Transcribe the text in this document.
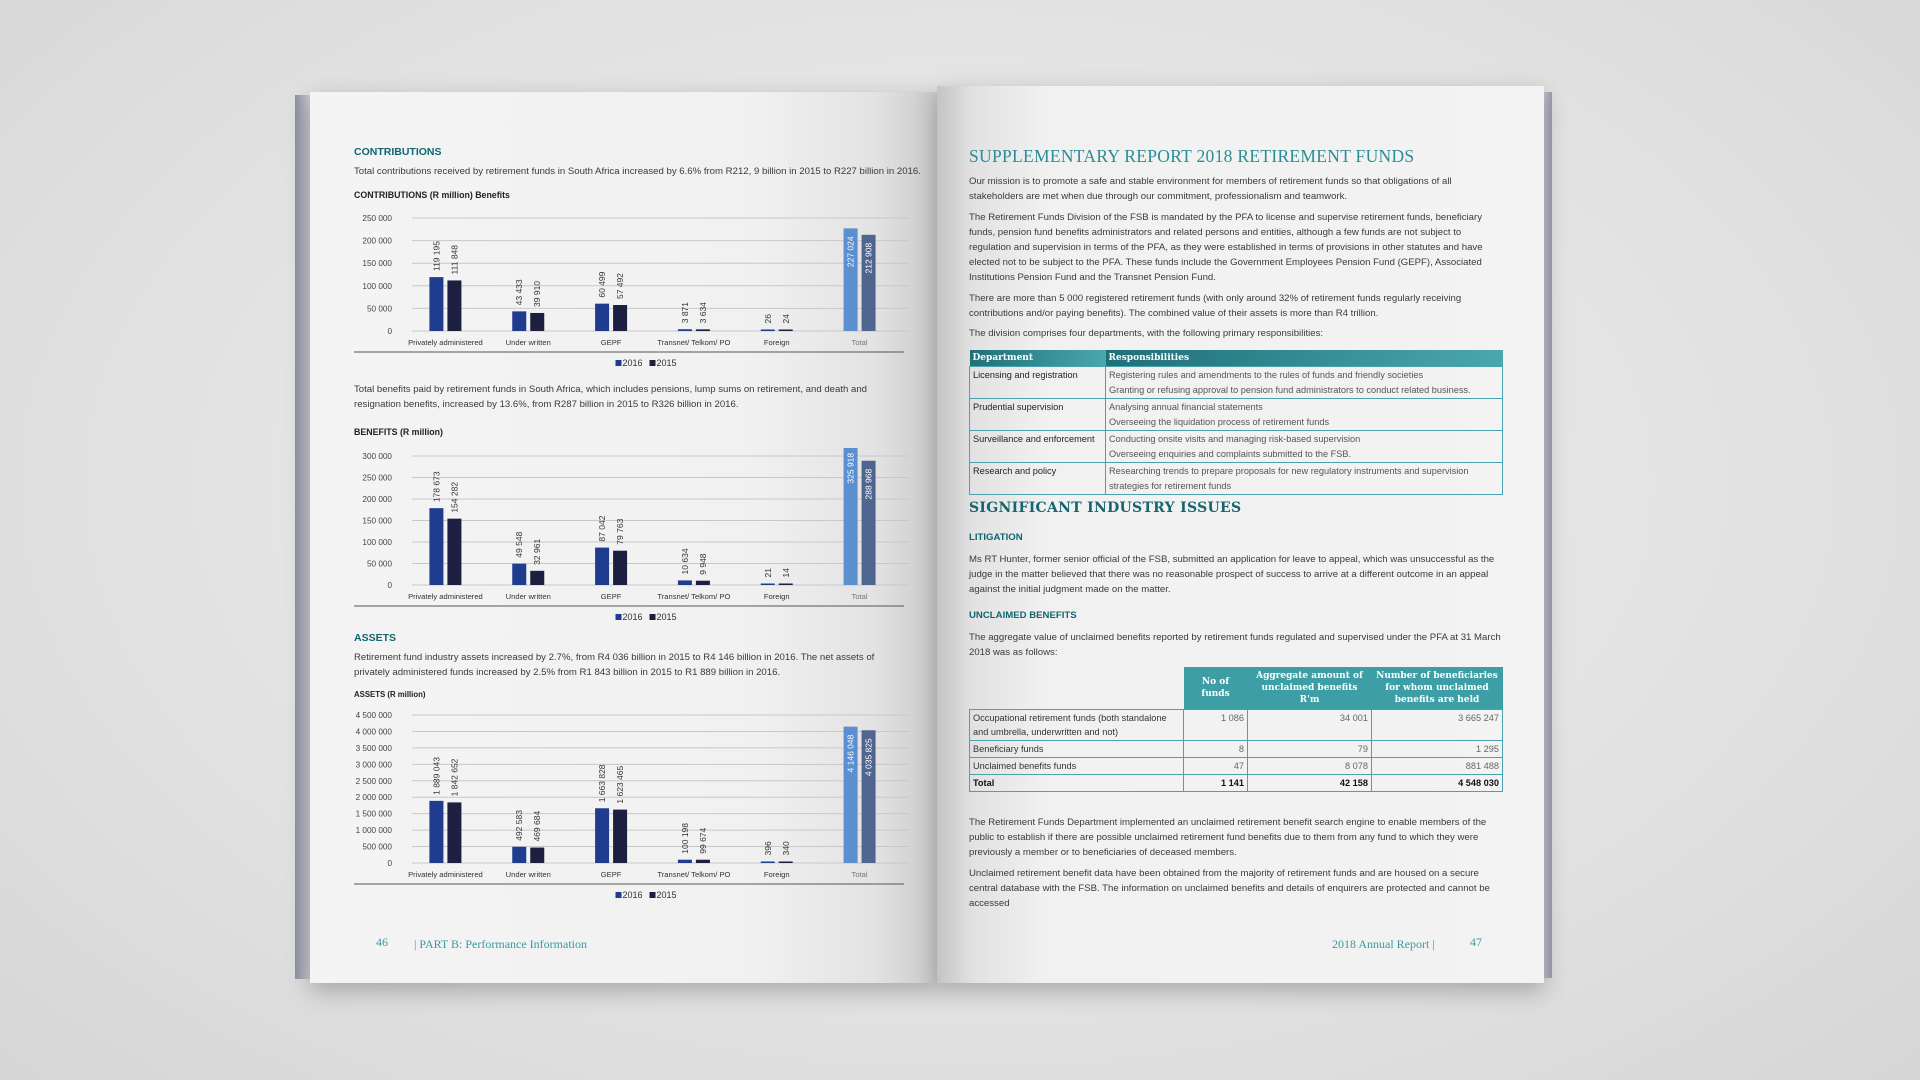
CONTRIBUTIONS
Total contributions received by retirement funds in South Africa increased by 6.6% from R212, 9 billion in 2015 to R227 billion in 2016.
CONTRIBUTIONS (R million) Benefits
0
50 000
100 000
150 000
200 000
250 000
119 195 111 848
Privately administered
43 433 39 910
Under written
60 499 57 492
GEPF
3 871 3 634
Transnet/ Telkom/ PO
26 24
Foreign
227 024 212 908
Total
2016 2015
Total benefits paid by retirement funds in South Africa, which includes pensions, lump sums on retirement, and death and resignation benefits, increased by 13.6%, from R287 billion in 2015 to R326 billion in 2016.
BENEFITS (R million)
0
50 000
100 000
150 000
200 000
250 000
300 000
178 673 154 282
Privately administered
49 548 32 961
Under written
87 042 79 763
GEPF
10 634 9 948
Transnet/ Telkom/ PO
21 14
Foreign
325 918
288 968
Total
2016 2015
ASSETS
Retirement fund industry assets increased by 2.7%, from R4 036 billion in 2015 to R4 146 billion in 2016. The net assets of privately administered funds increased by 2.5% from R1 843 billion in 2015 to R1 889 billion in 2016.
ASSETS (R million)
0
500 000
1 000 000
1 500 000
2 000 000
2 500 000
3 000 000
3 500 000
4 000 000
4 500 000
1 889 043 1 842 652
Privately administered
492 583 469 684
Under written
1 663 828 1 623 465
GEPF
100 198 99 674
Transnet/ Telkom/ PO
396 340
Foreign
4 146 048 4 035 825
Total
2016 2015
46 | PART B: Performance Information
SUPPLEMENTARY REPORT 2018 RETIREMENT FUNDS
Our mission is to promote a safe and stable environment for members of retirement funds so that obligations of all stakeholders are met when due through our commitment, professionalism and teamwork.
The Retirement Funds Division of the FSB is mandated by the PFA to license and supervise retirement funds, beneficiary funds, pension fund benefits administrators and related persons and entities, although a few funds are not subject to regulation and supervision in terms of the PFA, as they were established in terms of provisions in other statutes and have elected not to be subject to the PFA. These funds include the Government Employees Pension Fund (GEPF), Associated Institutions Pension Fund and the Transnet Pension Fund.
There are more than 5 000 registered retirement funds (with only around 32% of retirement funds regularly receiving contributions and/or paying benefits). The combined value of their assets is more than R4 trillion.
The division comprises four departments, with the following primary responsibilities:
Department	Responsibilities
Licensing and registration	Registering rules and amendments to the rules of funds and friendly societies
Granting or refusing approval to pension fund administrators to conduct related business.

Prudential supervision	Analysing annual financial statements
Overseeing the liquidation process of retirement funds

Surveillance and enforcement	Conducting onsite visits and managing risk-based supervision
Overseeing enquiries and complaints submitted to the FSB.

Research and policy	Researching trends to prepare proposals for new regulatory instruments and supervision strategies for retirement funds
SIGNIFICANT INDUSTRY ISSUES
LITIGATION
Ms RT Hunter, former senior official of the FSB, submitted an application for leave to appeal, which was unsuccessful as the judge in the matter believed that there was no reasonable prospect of success to arrive at a different outcome in an appeal against the initial judgment made on the matter.
UNCLAIMED BENEFITS
The aggregate value of unclaimed benefits reported by retirement funds regulated and supervised under the PFA at 31 March 2018 was as follows:
	No of funds	Aggregate amount of unclaimed benefits R'm	Number of beneficiaries for whom unclaimed benefits are held
Occupational retirement funds (both standalone and umbrella, underwritten and not)	1 086	34 001	3 665 247
Beneficiary funds	8	79	1 295
Unclaimed benefits funds	47	8 078	881 488
Total	1 141	42 158	4 548 030
The Retirement Funds Department implemented an unclaimed retirement benefit search engine to enable members of the public to establish if there are possible unclaimed retirement fund benefits due to them from any fund to which they were previously a member or to beneficiaries of deceased members.
Unclaimed retirement benefit data have been obtained from the majority of retirement funds and are housed on a secure central database with the FSB. The information on unclaimed benefits and details of enquirers are protected and cannot be accessed
2018 Annual Report |	47
